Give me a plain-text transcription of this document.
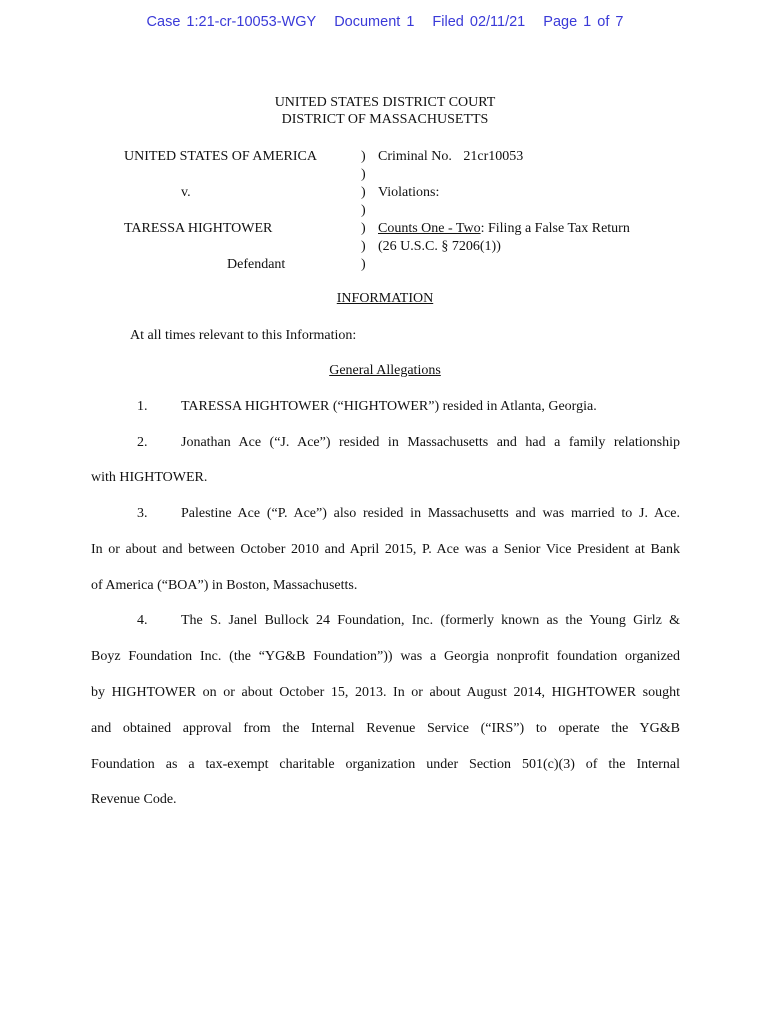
Case 1:21-cr-10053-WGY Document 1 Filed 02/11/21 Page 1 of 7
UNITED STATES DISTRICT COURT
DISTRICT OF MASSACHUSETTS
UNITED STATES OF AMERICA
v.
TARESSA HIGHTOWER
Defendant
)
)
)
)
)
)
)
Criminal No. 21cr10053
Violations:
Counts One - Two: Filing a False Tax Return
(26 U.S.C. § 7206(1))
INFORMATION
At all times relevant to this Information:
General Allegations
1. TARESSA HIGHTOWER (“HIGHTOWER”) resided in Atlanta, Georgia.
2. Jonathan Ace (“J. Ace”) resided in Massachusetts and had a family relationship
with HIGHTOWER.
3. Palestine Ace (“P. Ace”) also resided in Massachusetts and was married to J. Ace.
In or about and between October 2010 and April 2015, P. Ace was a Senior Vice President at Bank
of America (“BOA”) in Boston, Massachusetts.
4. The S. Janel Bullock 24 Foundation, Inc. (formerly known as the Young Girlz &
Boyz Foundation Inc. (the “YG&B Foundation”)) was a Georgia nonprofit foundation organized
by HIGHTOWER on or about October 15, 2013. In or about August 2014, HIGHTOWER sought
and obtained approval from the Internal Revenue Service (“IRS”) to operate the YG&B
Foundation as a tax-exempt charitable organization under Section 501(c)(3) of the Internal
Revenue Code.
